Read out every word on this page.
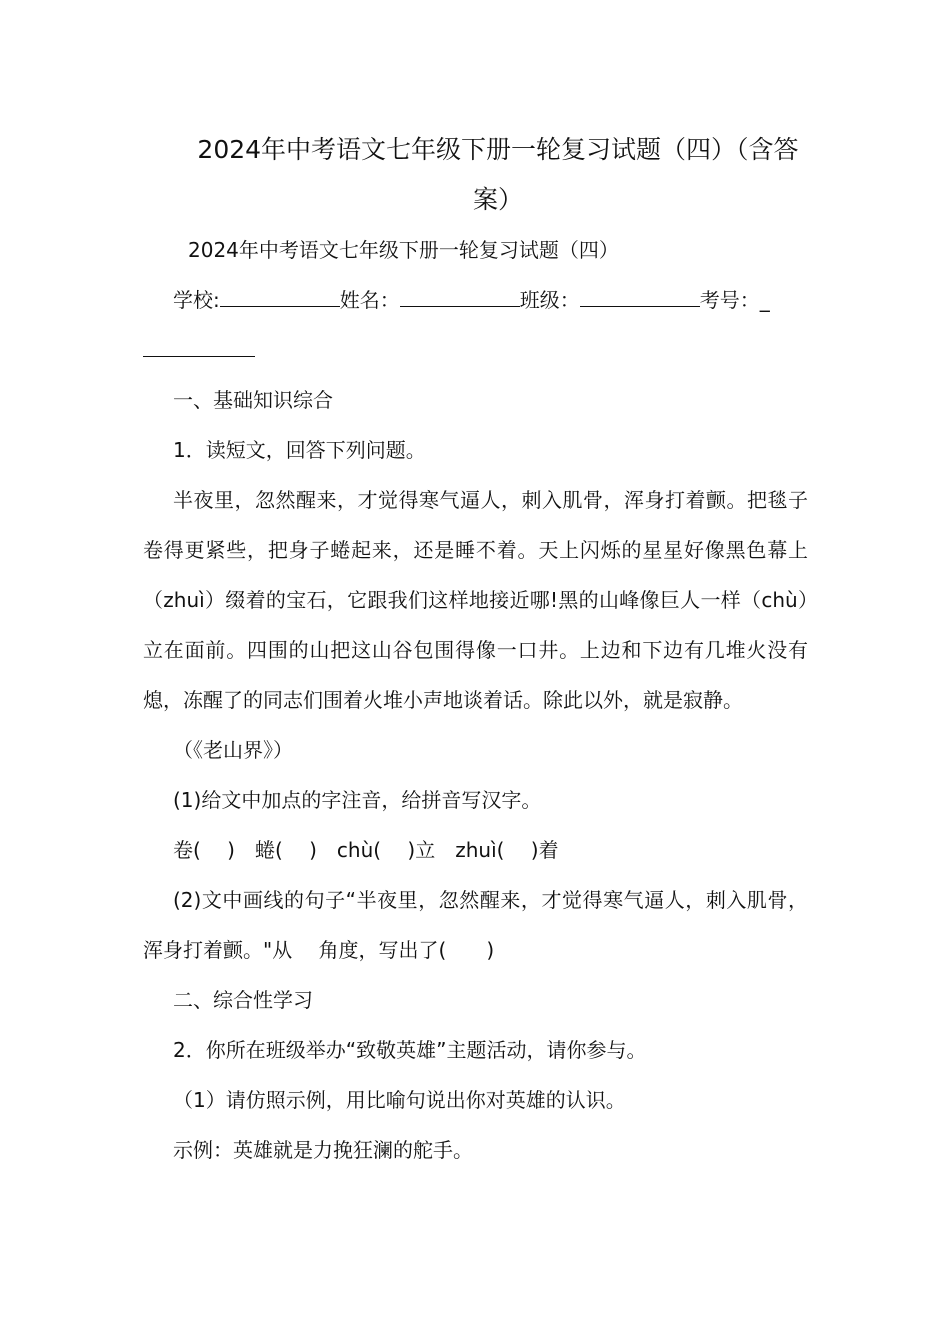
2024年中考语文七年级下册一轮复习试题（四）（含答案）
2024年中考语文七年级下册一轮复习试题（四）
学校:	姓名：	班级：	考号：_
一、基础知识综合
1．读短文，回答下列问题。

半夜里，忽然醒来，才觉得寒气逼人，刺入肌骨，浑身打着颤。把毯子卷得更紧些，把身子蜷起来，还是睡不着。天上闪烁的星星好像黑色幕上（zhuì）缀着的宝石，它跟我们这样地接近哪!黑的山峰像巨人一样（chù）立在面前。四围的山把这山谷包围得像一口井。上边和下边有几堆火没有熄，冻醒了的同志们围着火堆小声地谈着话。除此以外，就是寂静。

（《老山界》）
(1)给文中加点的字注音，给拼音写汉字。
卷(　 )　蜷(　 )　chù(　 )立　zhuì(　 )着

(2)文中画线的句子“半夜里，忽然醒来，才觉得寒气逼人，刺入肌骨，浑身打着颤。"从　 角度，写出了(　　)

二、综合性学习
2．你所在班级举办“致敬英雄”主题活动，请你参与。
（1）请仿照示例，用比喻句说出你对英雄的认识。
示例：英雄就是力挽狂澜的舵手。
